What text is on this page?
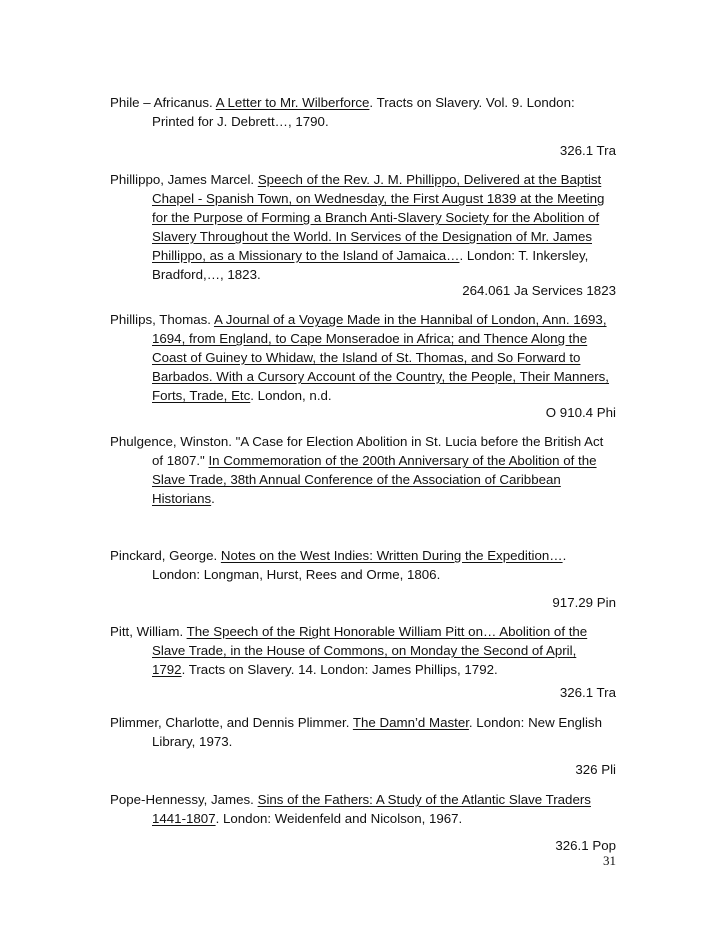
Phile – Africanus. A Letter to Mr. Wilberforce. Tracts on Slavery. Vol. 9. London:
Printed for J. Debrett…, 1790.
326.1 Tra
Phillippo, James Marcel. Speech of the Rev. J. M. Phillippo, Delivered at the Baptist
Chapel - Spanish Town, on Wednesday, the First August 1839 at the Meeting
for the Purpose of Forming a Branch Anti-Slavery Society for the Abolition of
Slavery Throughout the World. In Services of the Designation of Mr. James
Phillippo, as a Missionary to the Island of Jamaica…. London: T. Inkersley,
Bradford,…, 1823.
264.061 Ja Services 1823
Phillips, Thomas. A Journal of a Voyage Made in the Hannibal of London, Ann. 1693,
1694, from England, to Cape Monseradoe in Africa; and Thence Along the
Coast of Guiney to Whidaw, the Island of St. Thomas, and So Forward to
Barbados. With a Cursory Account of the Country, the People, Their Manners,
Forts, Trade, Etc. London, n.d.
O 910.4 Phi
Phulgence, Winston. "A Case for Election Abolition in St. Lucia before the British Act
of 1807." In Commemoration of the 200th Anniversary of the Abolition of the
Slave Trade, 38th Annual Conference of the Association of Caribbean
Historians.
Pinckard, George. Notes on the West Indies: Written During the Expedition….
London: Longman, Hurst, Rees and Orme, 1806.
917.29 Pin
Pitt, William. The Speech of the Right Honorable William Pitt on… Abolition of the
Slave Trade, in the House of Commons, on Monday the Second of April,
1792. Tracts on Slavery. 14. London: James Phillips, 1792.
326.1 Tra
Plimmer, Charlotte, and Dennis Plimmer. The Damn’d Master. London: New English
Library, 1973.
326 Pli
Pope-Hennessy, James. Sins of the Fathers: A Study of the Atlantic Slave Traders
1441-1807. London: Weidenfeld and Nicolson, 1967.
326.1 Pop
31
